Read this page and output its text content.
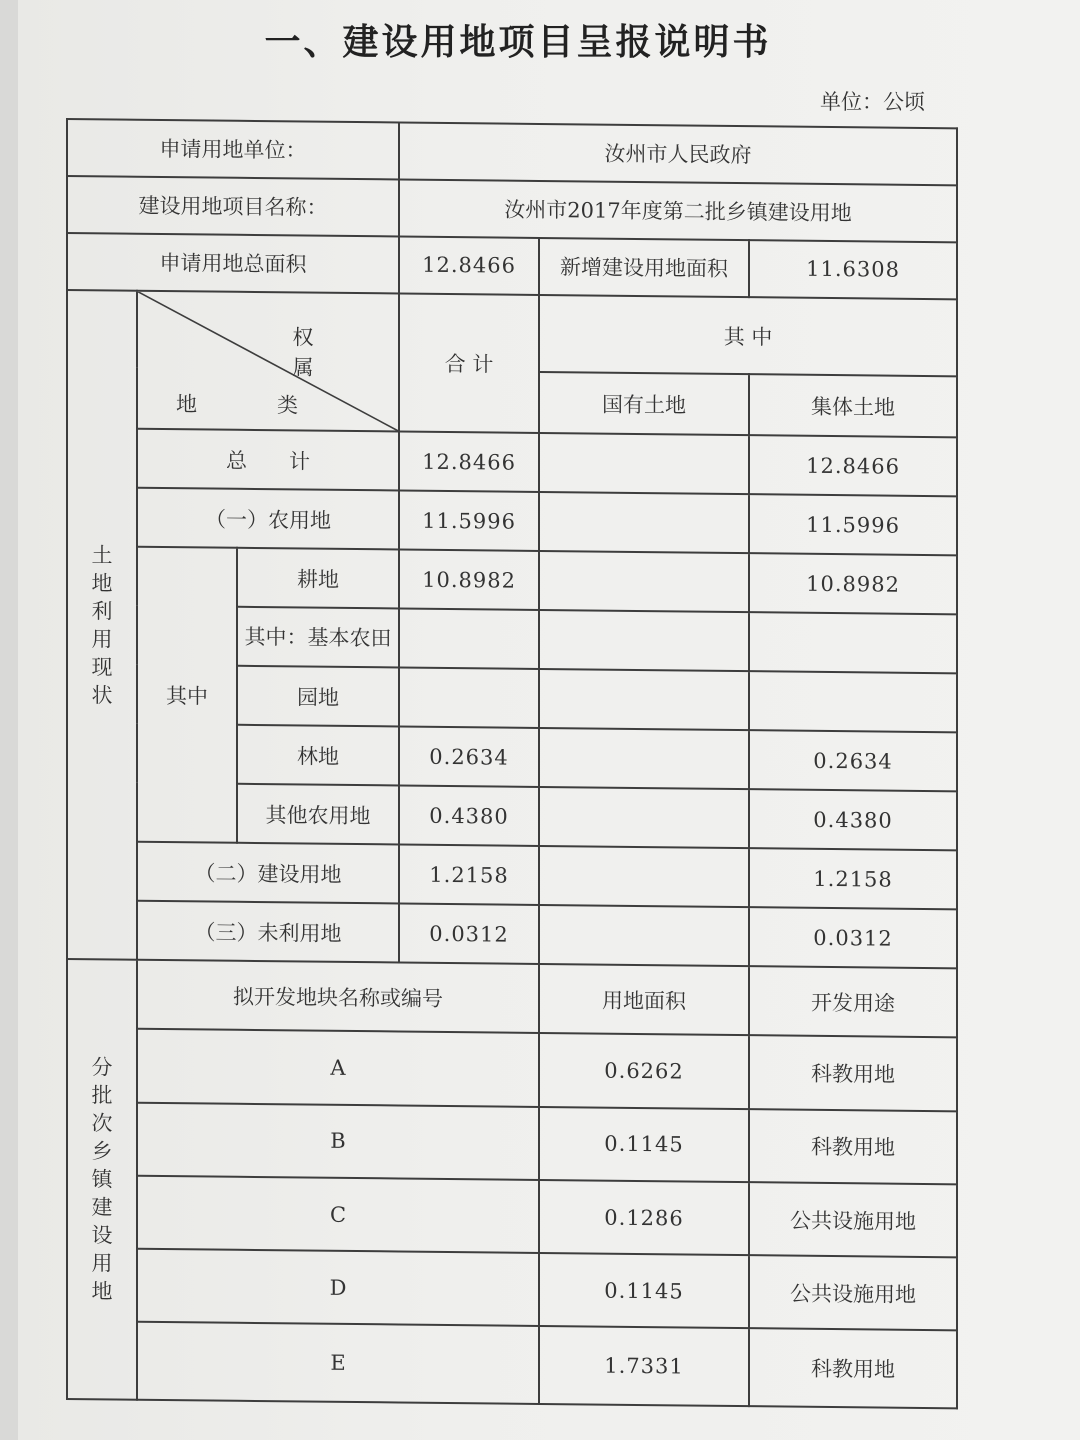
一、建设用地项目呈报说明书
单位：公顷
申请用地单位：			汝州市人民政府		
建设用地项目名称：			汝州市2017年度第二批乡镇建设用地		
申请用地总面积			12.8466	新增建设用地面积	11.6308

土地利用现状	权属
地类		合 计	其 中	
				国有土地	集体土地
	总　　计		12.8466		12.8466
	（一）农用地		11.5996		11.5996
	其中	耕地	10.8982		10.8982
		其中：基本农田			
		园地			
		林地	0.2634		0.2634
		其他农用地	0.4380		0.4380
	（二）建设用地		1.2158		1.2158
	（三）未利用地		0.0312		0.0312

分批次乡镇建设用地	拟开发地块名称或编号			用地面积	开发用途
	A			0.6262	科教用地
	B			0.1145	科教用地
	C			0.1286	公共设施用地
	D			0.1145	公共设施用地
	E			1.7331	科教用地
